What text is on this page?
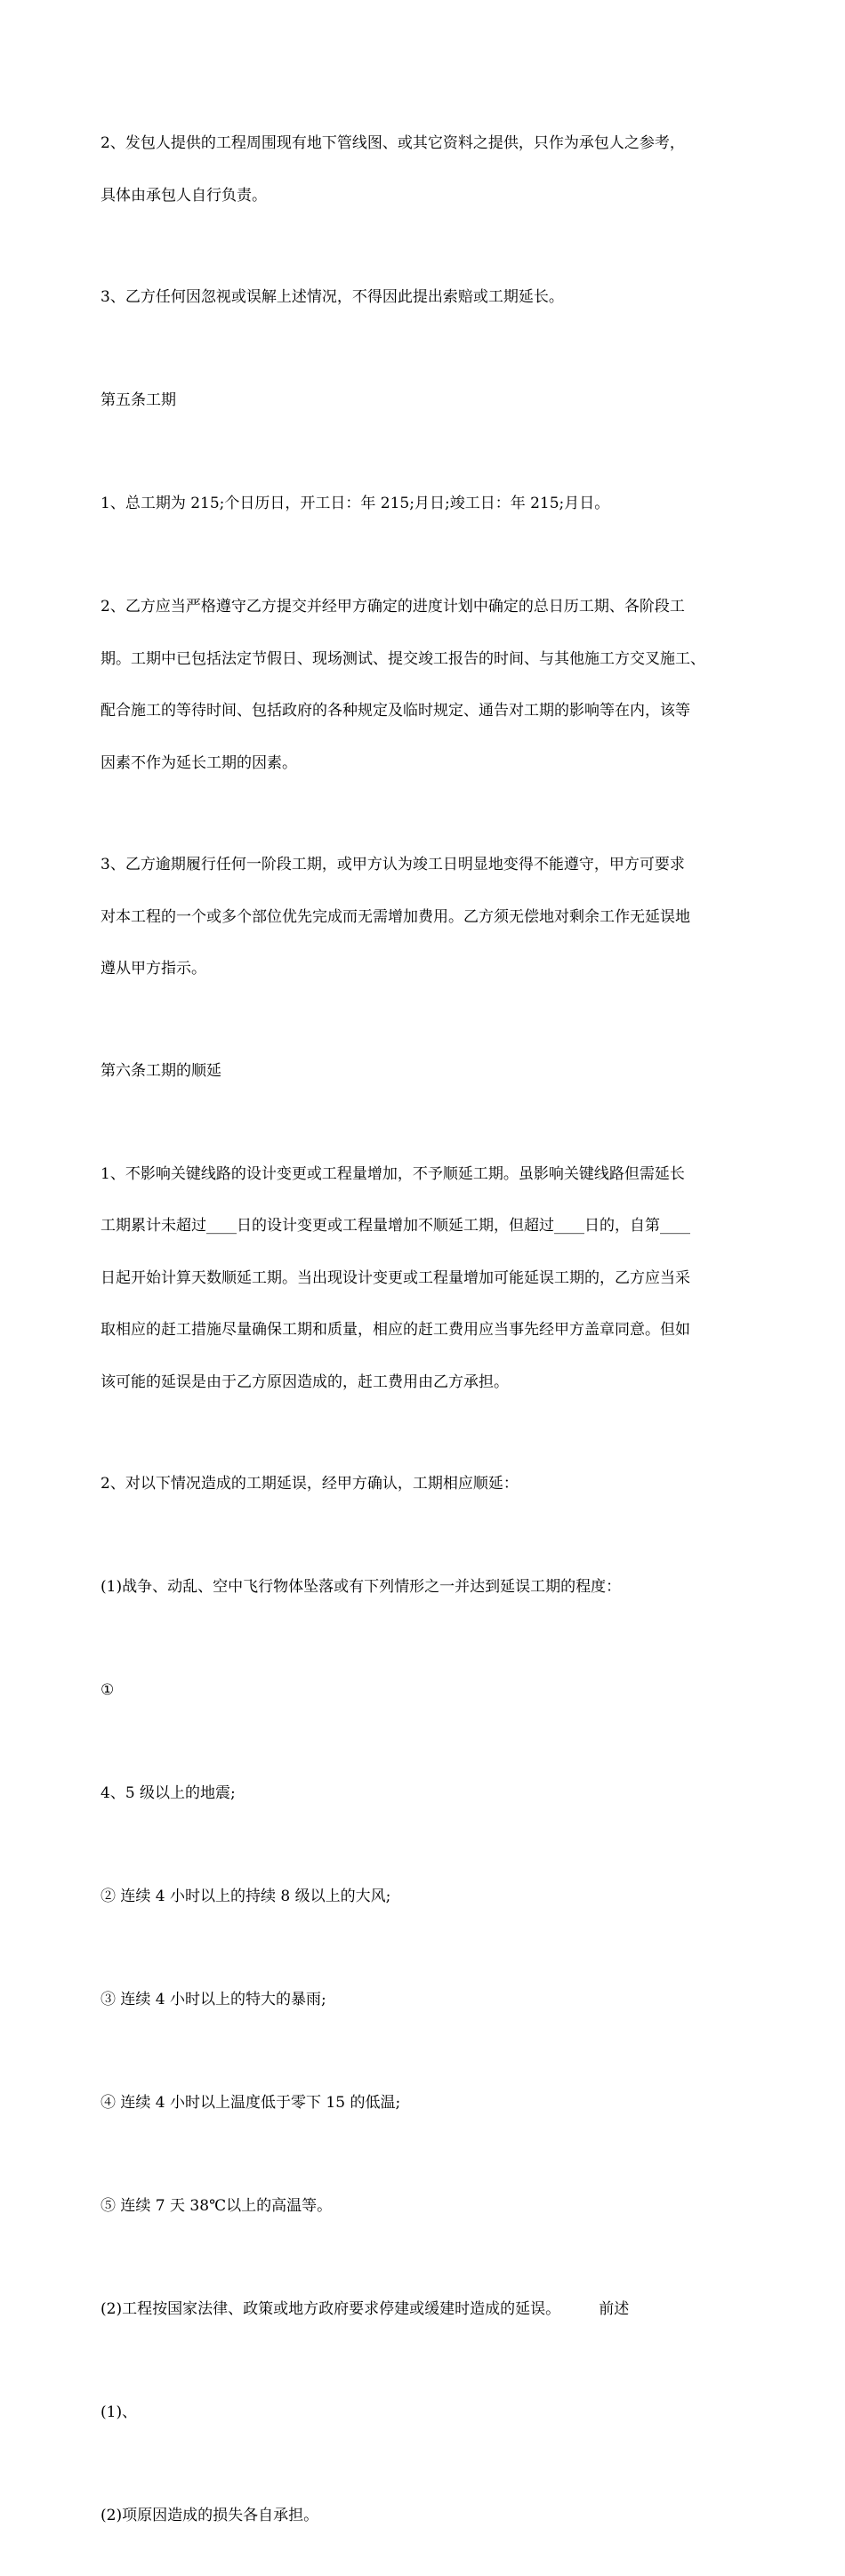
2、发包人提供的工程周围现有地下管线图、或其它资料之提供，只作为承包人之参考，

具体由承包人自行负责。

3、乙方任何因忽视或误解上述情况，不得因此提出索赔或工期延长。

第五条工期

1、总工期为 215;个日历日，开工日：年 215;月日;竣工日：年 215;月日。

2、乙方应当严格遵守乙方提交并经甲方确定的进度计划中确定的总日历工期、各阶段工

期。工期中已包括法定节假日、现场测试、提交竣工报告的时间、与其他施工方交叉施工、

配合施工的等待时间、包括政府的各种规定及临时规定、通告对工期的影响等在内，该等

因素不作为延长工期的因素。

3、乙方逾期履行任何一阶段工期，或甲方认为竣工日明显地变得不能遵守，甲方可要求

对本工程的一个或多个部位优先完成而无需增加费用。乙方须无偿地对剩余工作无延误地

遵从甲方指示。

第六条工期的顺延

1、不影响关键线路的设计变更或工程量增加，不予顺延工期。虽影响关键线路但需延长

工期累计未超过____日的设计变更或工程量增加不顺延工期，但超过____日的，自第____

日起开始计算天数顺延工期。当出现设计变更或工程量增加可能延误工期的，乙方应当采

取相应的赶工措施尽量确保工期和质量，相应的赶工费用应当事先经甲方盖章同意。但如

该可能的延误是由于乙方原因造成的，赶工费用由乙方承担。

2、对以下情况造成的工期延误，经甲方确认，工期相应顺延：

(1)战争、动乱、空中飞行物体坠落或有下列情形之一并达到延误工期的程度：

①

4、5 级以上的地震;

② 连续 4 小时以上的持续 8 级以上的大风;

③ 连续 4 小时以上的特大的暴雨;

④ 连续 4 小时以上温度低于零下 15 的低温;

⑤ 连续 7 天 38℃以上的高温等。

(2)工程按国家法律、政策或地方政府要求停建或缓建时造成的延误。        前述

(1)、

(2)项原因造成的损失各自承担。
